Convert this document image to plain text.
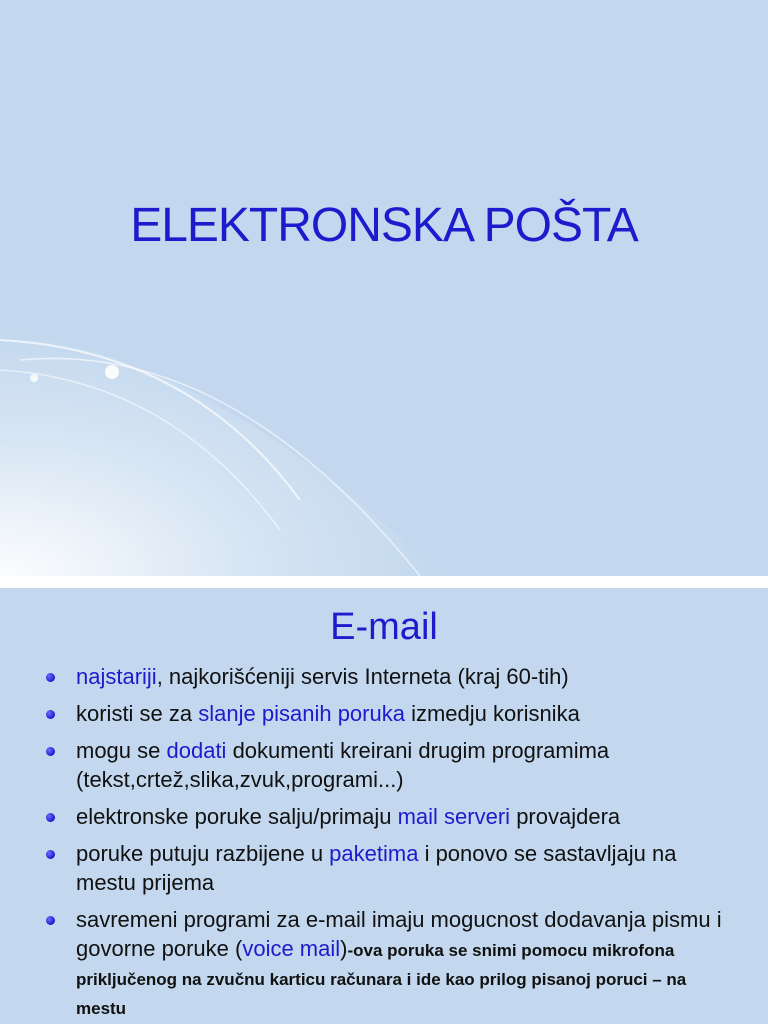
ELEKTRONSKA POŠTA
E-mail
najstariji, najkorišćeniji servis Interneta (kraj 60-tih)
koristi se za slanje pisanih poruka izmedju korisnika
mogu se dodati dokumenti kreirani drugim programima (tekst,crtež,slika,zvuk,programi...)
elektronske poruke salju/primaju mail serveri provajdera
poruke putuju razbijene u paketima i ponovo se sastavljaju na mestu prijema
savremeni programi za e-mail imaju mogucnost dodavanja pismu i govorne poruke (voice mail)-ova poruka se snimi pomocu mikrofona priključenog na zvučnu karticu računara i ide kao prilog pisanoj poruci – na mestu
